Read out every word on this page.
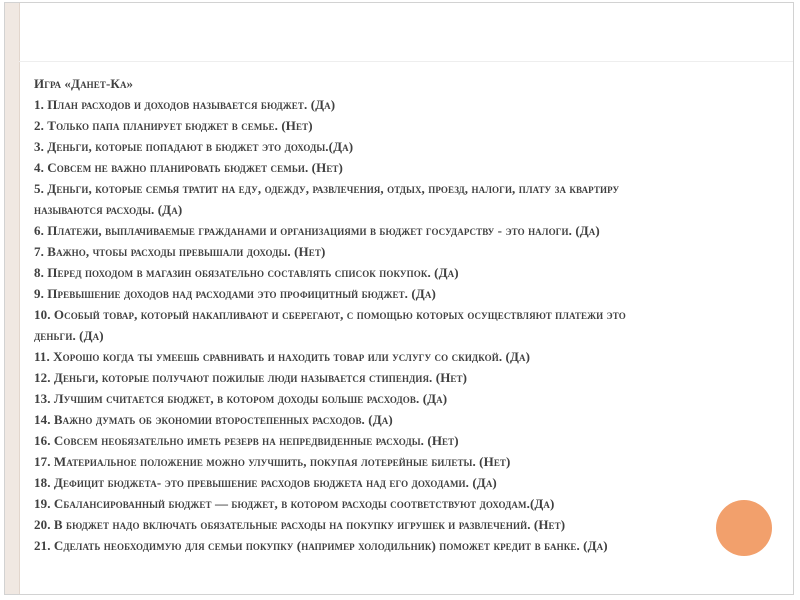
Игра «Данет-Ка»
1. План расходов и доходов называется бюджет. (Да)
2. Только папа планирует бюджет в семье. (Нет)
3. Деньги, которые попадают в бюджет это доходы.(Да)
4. Совсем не важно планировать бюджет семьи. (Нет)
5. Деньги, которые семья тратит на еду, одежду, развлечения, отдых, проезд, налоги, плату за квартиру
называются расходы. (Да)
6. Платежи, выплачиваемые гражданами и организациями в бюджет государству - это налоги. (Да)
7. Важно, чтобы расходы превышали доходы. (Нет)
8. Перед походом в магазин обязательно составлять список покупок. (Да)
9. Превышение доходов над расходами это профицитный бюджет. (Да)
10. Особый товар, который накапливают и сберегают, с помощью которых осуществляют платежи это
деньги. (Да)
11. Хорошо когда ты умеешь сравнивать и находить товар или услугу со скидкой. (Да)
12. Деньги, которые получают пожилые люди называется стипендия. (Нет)
13. Лучшим считается бюджет, в котором доходы больше расходов. (Да)
14. Важно думать об экономии второстепенных расходов. (Да)
16. Совсем необязательно иметь резерв на непредвиденные расходы. (Нет)
17. Материальное положение можно улучшить, покупая лотерейные билеты. (Нет)
18. Дефицит бюджета- это превышение расходов бюджета над его доходами. (Да)
19. Сбалансированный бюджет — бюджет, в котором расходы соответствуют доходам.(Да)
20. В бюджет надо включать обязательные расходы на покупку игрушек и развлечений. (Нет)
21. Сделать необходимую для семьи покупку (например холодильник) поможет кредит в банке. (Да)
